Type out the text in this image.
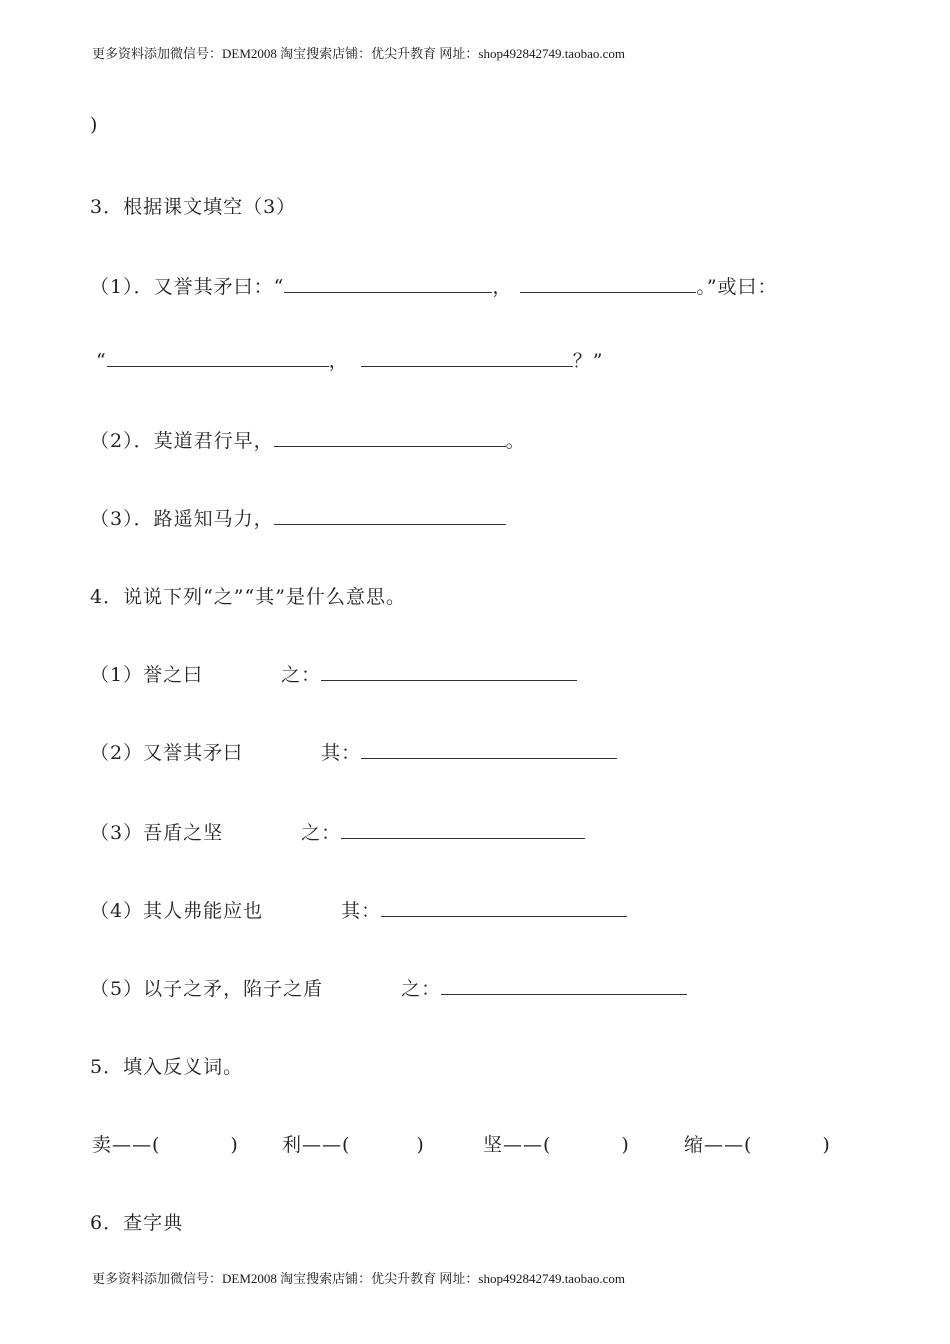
更多资料添加微信号：DEM2008 淘宝搜索店铺：优尖升教育 网址：shop492842749.taobao.com
)
3．根据课文填空（3）
（1）．又誉其矛曰：“	，	。”或曰：
“	，	？”
（2）．莫道君行早，	。
（3）．路遥知马力，
4．说说下列“之”“其”是什么意思。
（1）誉之曰	之：
（2）又誉其矛曰	其：
（3）吾盾之坚	之：
（4）其人弗能应也	其：
（5）以子之矛，陷子之盾	之：
5．填入反义词。
卖——(	) 利——(	)	坚——(	)	缩——(	)
6．查字典
更多资料添加微信号：DEM2008 淘宝搜索店铺：优尖升教育 网址：shop492842749.taobao.com
